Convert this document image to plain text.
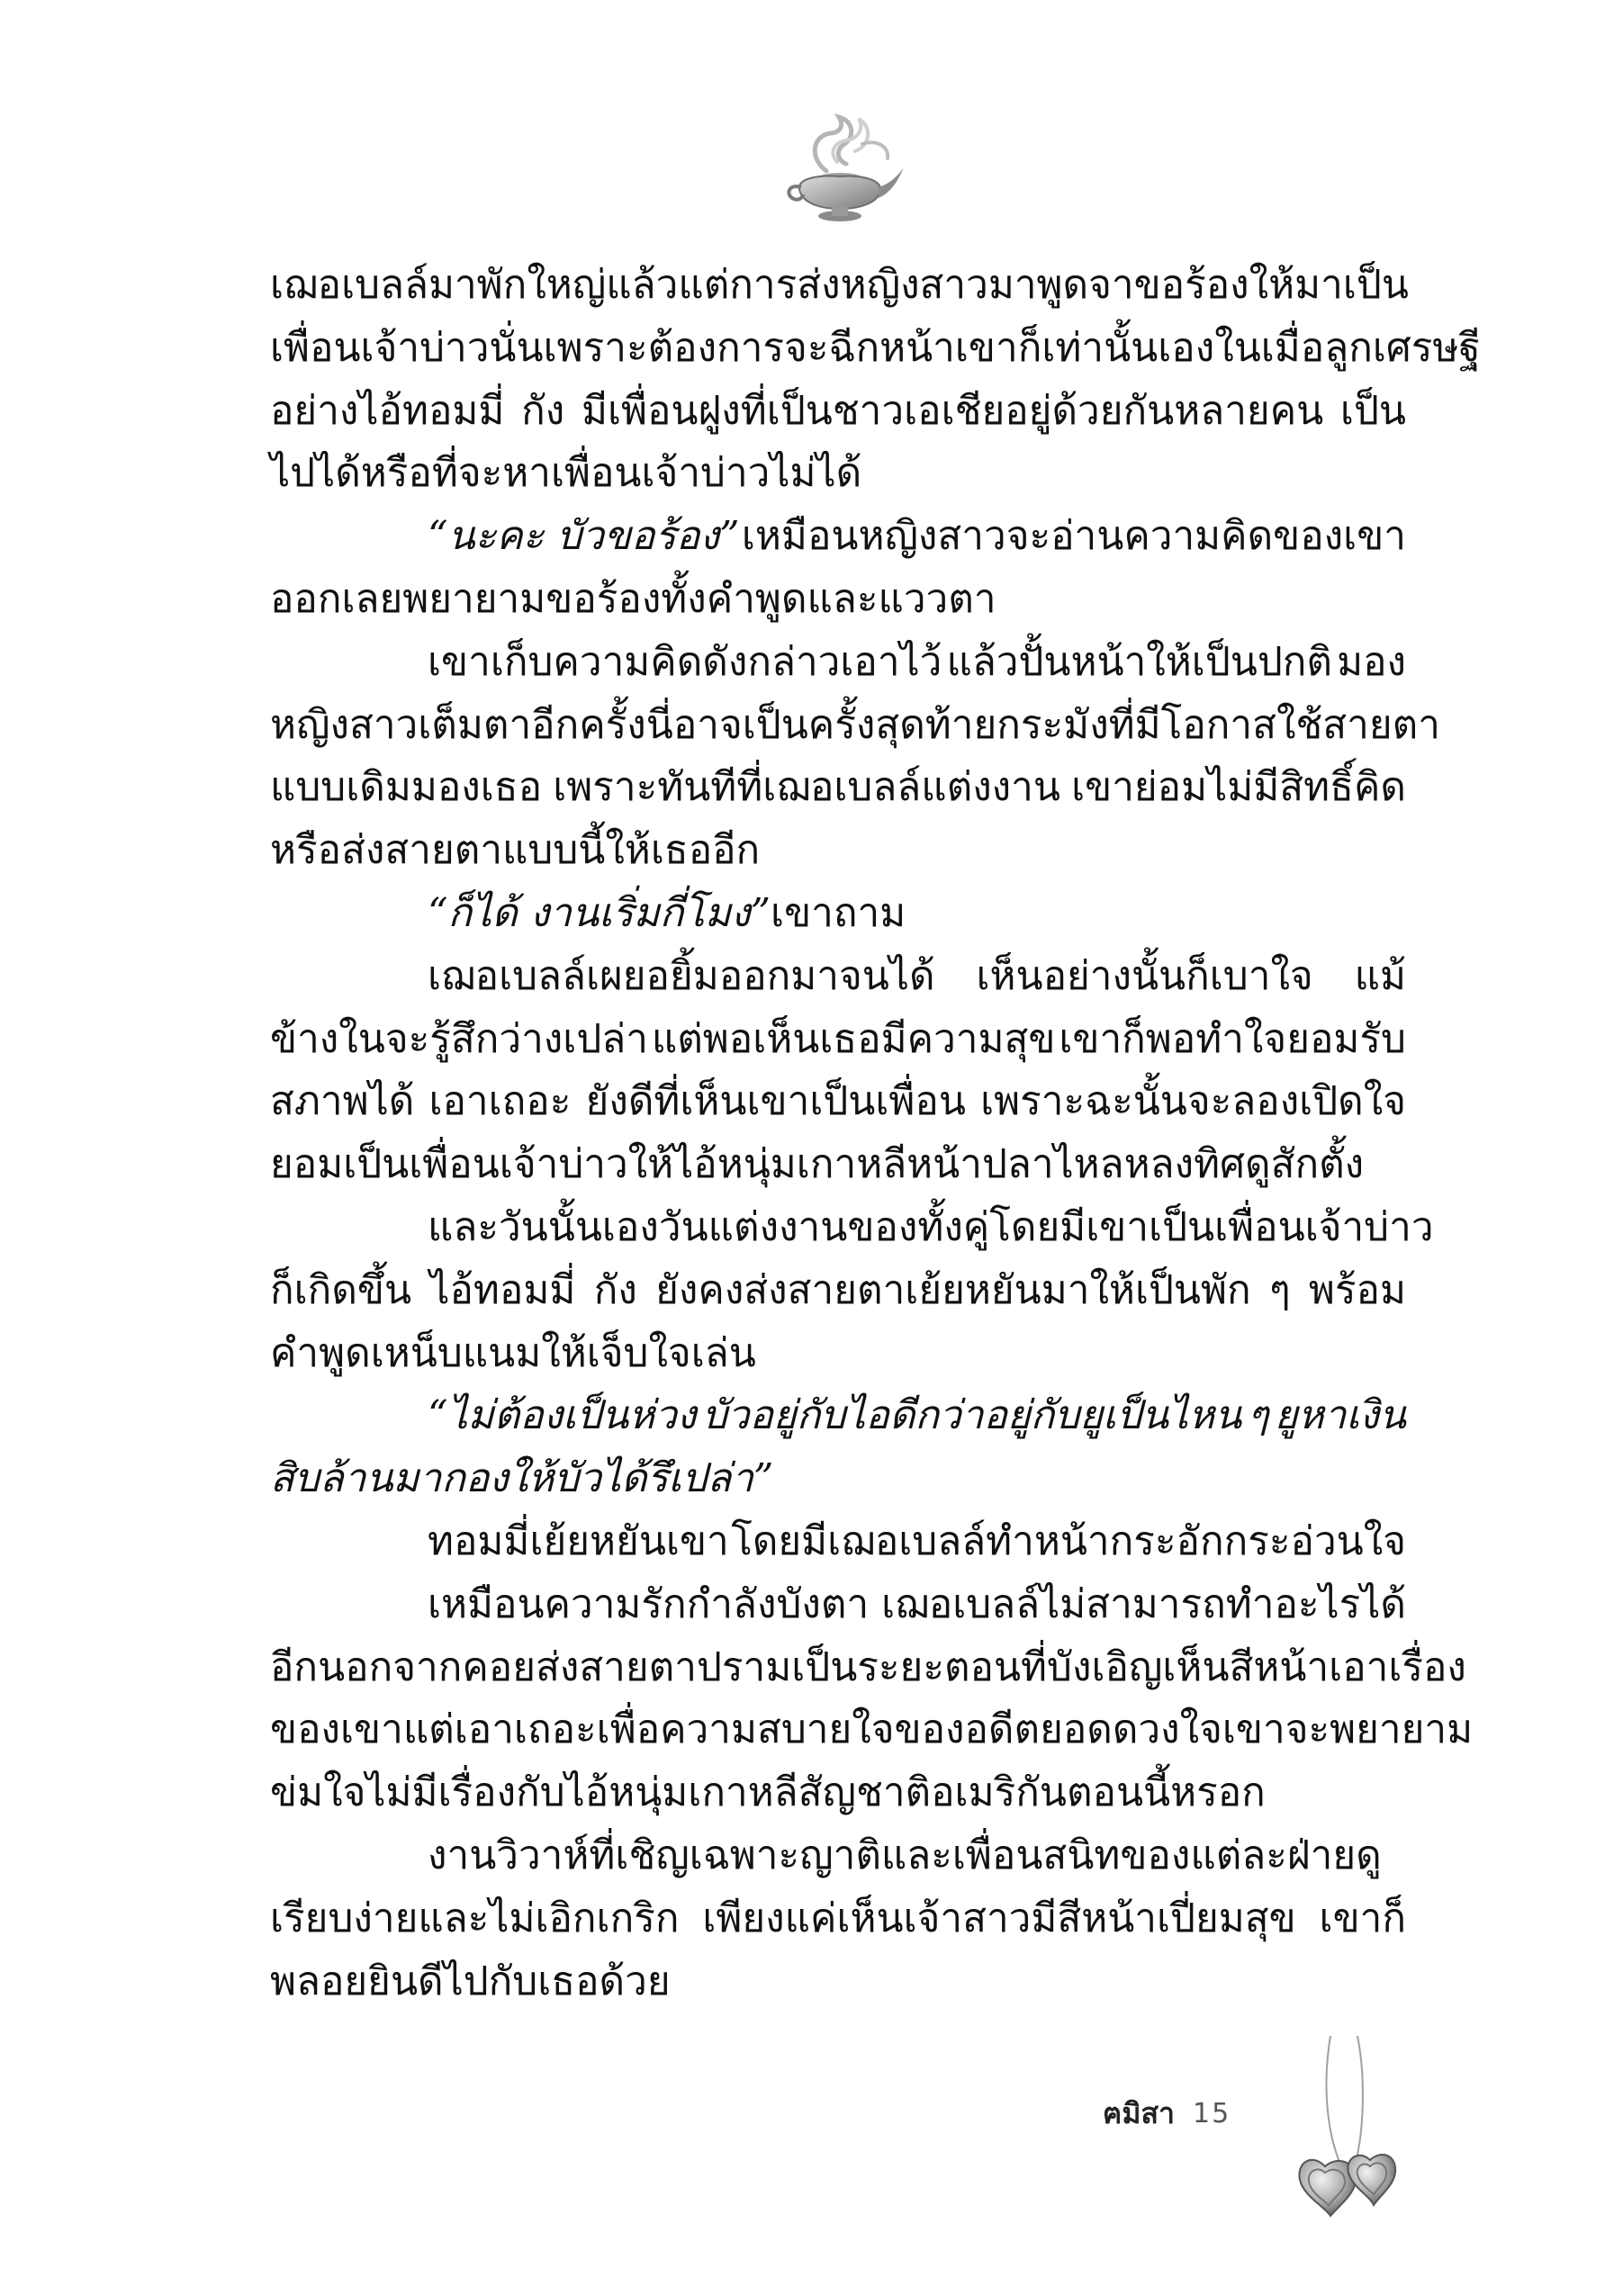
เฌอเบลล์มาพักใหญ่แล้ว แต่การส่งหญิงสาวมาพูดจาขอร้องให้มาเป็น
เพื่อนเจ้าบ่าวนั่น เพราะต้องการจะฉีกหน้าเขาก็เท่านั้นเอง ในเมื่อลูกเศรษฐี
อย่างไอ้ทอมมี่ กัง มีเพื่อนฝูงที่เป็นชาวเอเชียอยู่ด้วยกันหลายคน เป็น
ไปได้หรือที่จะหาเพื่อนเจ้าบ่าวไม่ได้
“นะคะ บัวขอร้อง” เหมือนหญิงสาวจะอ่านความคิดของเขา
ออกเลยพยายามขอร้องทั้งคำพูดและแววตา
เขาเก็บความคิดดังกล่าวเอาไว้ แล้วปั้นหน้าให้เป็นปกติ มอง
หญิงสาวเต็มตาอีกครั้ง นี่อาจเป็นครั้งสุดท้ายกระมังที่มีโอกาสใช้สายตา
แบบเดิมมองเธอ เพราะทันทีที่เฌอเบลล์แต่งงาน เขาย่อมไม่มีสิทธิ์คิด
หรือส่งสายตาแบบนี้ให้เธออีก
“ก็ได้ งานเริ่มกี่โมง” เขาถาม
เฌอเบลล์เผยอยิ้มออกมาจนได้ เห็นอย่างนั้นก็เบาใจ แม้
ข้างในจะรู้สึกว่างเปล่า แต่พอเห็นเธอมีความสุข เขาก็พอทำใจยอมรับ
สภาพได้ เอาเถอะ ยังดีที่เห็นเขาเป็นเพื่อน เพราะฉะนั้นจะลองเปิดใจ
ยอมเป็นเพื่อนเจ้าบ่าวให้ไอ้หนุ่มเกาหลีหน้าปลาไหลหลงทิศดูสักตั้ง
และวันนั้นเอง วันแต่งงานของทั้งคู่โดยมีเขาเป็นเพื่อนเจ้าบ่าว
ก็เกิดขึ้น ไอ้ทอมมี่ กัง ยังคงส่งสายตาเย้ยหยันมาให้เป็นพัก ๆ พร้อม
คำพูดเหน็บแนมให้เจ็บใจเล่น
“ไม่ต้องเป็นห่วง บัวอยู่กับไอดีกว่าอยู่กับยูเป็นไหน ๆ ยูหาเงิน
สิบล้านมากองให้บัวได้รึเปล่า”
ทอมมี่เย้ยหยันเขา โดยมีเฌอเบลล์ทำหน้ากระอักกระอ่วนใจ
เหมือนความรักกำลังบังตา เฌอเบลล์ไม่สามารถทำอะไรได้
อีกนอกจากคอยส่งสายตาปรามเป็นระยะตอนที่บังเอิญเห็นสีหน้าเอาเรื่อง
ของเขา แต่เอาเถอะ เพื่อความสบายใจของอดีตยอดดวงใจ เขาจะพยายาม
ข่มใจไม่มีเรื่องกับไอ้หนุ่มเกาหลีสัญชาติอเมริกันตอนนี้หรอก
งานวิวาห์ที่เชิญเฉพาะญาติและเพื่อนสนิทของแต่ละฝ่ายดู
เรียบง่ายและไม่เอิกเกริก เพียงแค่เห็นเจ้าสาวมีสีหน้าเปี่ยมสุข เขาก็
พลอยยินดีไปกับเธอด้วย
ฅมิสา 15
